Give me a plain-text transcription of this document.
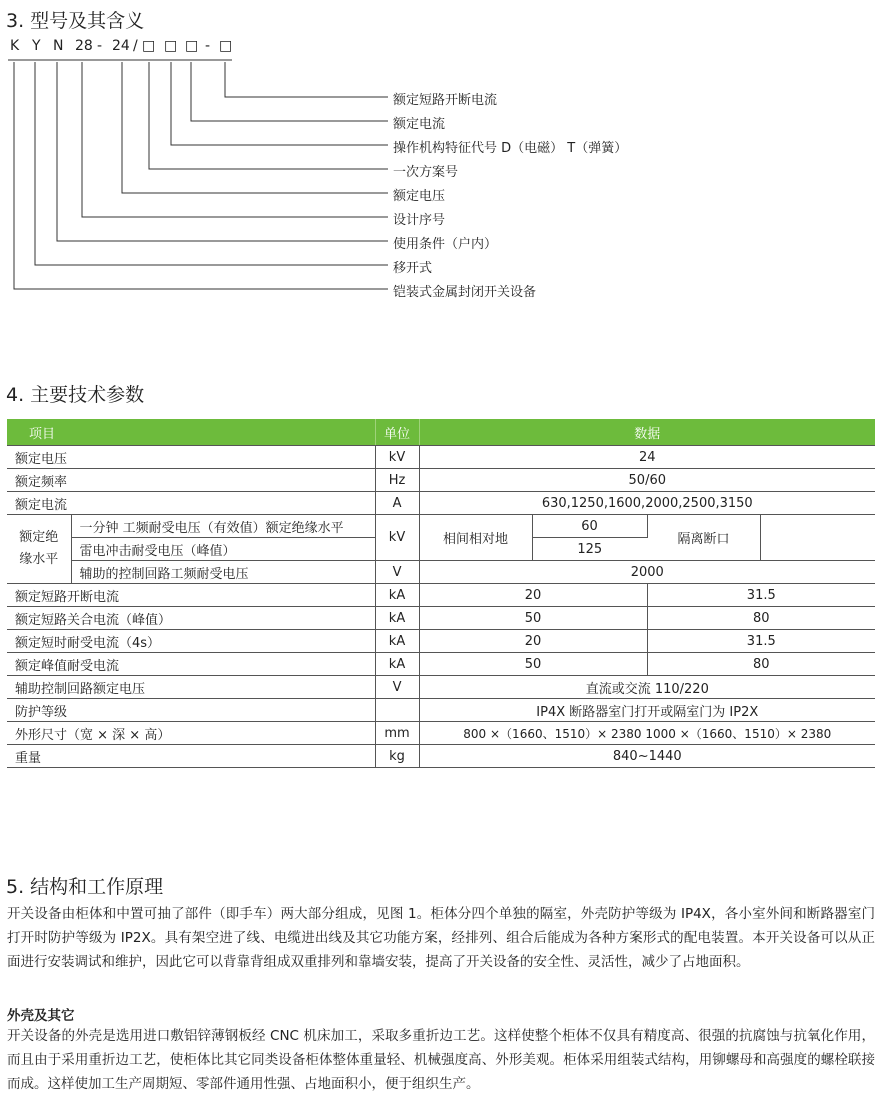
3. 型号及其含义
K Y N 28 - 24 / □ □ □ - □
额定短路开断电流
额定电流
操作机构特征代号 D（电磁） T（弹簧）
一次方案号
额定电压
设计序号
使用条件（户内）
移开式
铠装式金属封闭开关设备
4. 主要技术参数
项目		单位	数据			
额定电压		kV	24			
额定频率		Hz	50/60			
额定电流		A	630,1250,1600,2000,2500,3150			
额定绝缘水平	一分钟 工频耐受电压（有效值）额定绝缘水平	kV	相间相对地	60	隔离断口	
	雷电冲击耐受电压（峰值）			125		
	辅助的控制回路工频耐受电压	V	2000			
额定短路开断电流		kA	20		31.5	
额定短路关合电流（峰值）		kA	50		80	
额定短时耐受电流（4s）		kA	20		31.5	
额定峰值耐受电流		kA	50		80	
辅助控制回路额定电压		V	直流或交流 110/220			
防护等级			IP4X 断路器室门打开或隔室门为 IP2X			
外形尺寸（宽 × 深 × 高）		mm	800 ×（1660、1510）× 2380 1000 ×（1660、1510）× 2380			
重量		kg	840~1440			
5. 结构和工作原理

开关设备由柜体和中置可抽了部件（即手车）两大部分组成，见图 1。柜体分四个单独的隔室，外壳防护等级为 IP4X，各小室外间和断路器室门打开时防护等级为 IP2X。具有架空进了线、电缆进出线及其它功能方案，经排列、组合后能成为各种方案形式的配电装置。本开关设备可以从正面进行安装调试和维护，因此它可以背靠背组成双重排列和靠墙安装，提高了开关设备的安全性、灵活性，减少了占地面积。

外壳及其它

开关设备的外壳是选用进口敷铝锌薄钢板经 CNC 机床加工，采取多重折边工艺。这样使整个柜体不仅具有精度高、很强的抗腐蚀与抗氧化作用，而且由于采用重折边工艺，使柜体比其它同类设备柜体整体重量轻、机械强度高、外形美观。柜体采用组装式结构，用铆螺母和高强度的螺栓联接而成。这样使加工生产周期短、零部件通用性强、占地面积小，便于组织生产。
